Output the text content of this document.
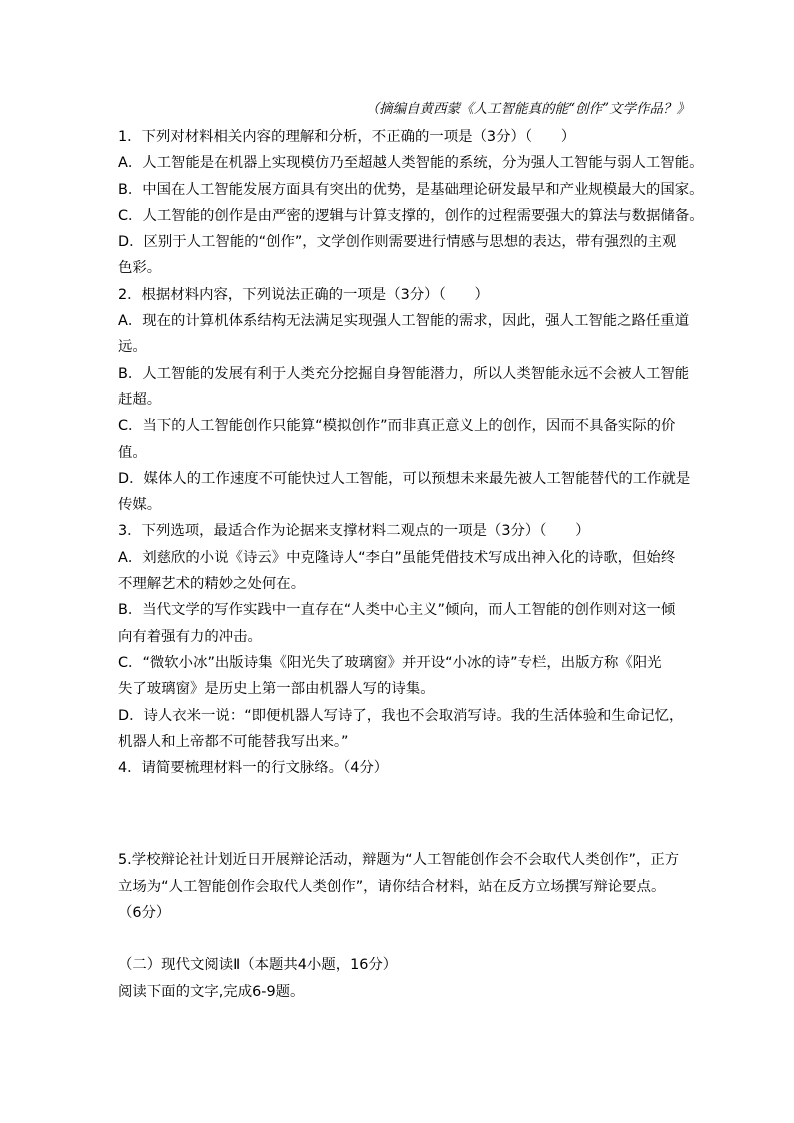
（摘编自黄西蒙《人工智能真的能“创作”文学作品？》

1．下列对材料相关内容的理解和分析，不正确的一项是（3分）（　　）

A．人工智能是在机器上实现模仿乃至超越人类智能的系统，分为强人工智能与弱人工智能。

B．中国在人工智能发展方面具有突出的优势，是基础理论研发最早和产业规模最大的国家。

C．人工智能的创作是由严密的逻辑与计算支撑的，创作的过程需要强大的算法与数据储备。

D．区别于人工智能的“创作”，文学创作则需要进行情感与思想的表达，带有强烈的主观

色彩。

2．根据材料内容，下列说法正确的一项是（3分）（　　）

A．现在的计算机体系结构无法满足实现强人工智能的需求，因此，强人工智能之路任重道

远。

B．人工智能的发展有利于人类充分挖掘自身智能潜力，所以人类智能永远不会被人工智能

赶超。

C．当下的人工智能创作只能算“模拟创作”而非真正意义上的创作，因而不具备实际的价

值。

D．媒体人的工作速度不可能快过人工智能，可以预想未来最先被人工智能替代的工作就是

传媒。

3．下列选项，最适合作为论据来支撑材料二观点的一项是（3分）（　　）

A．刘慈欣的小说《诗云》中克隆诗人“李白”虽能凭借技术写成出神入化的诗歌，但始终

不理解艺术的精妙之处何在。

B．当代文学的写作实践中一直存在“人类中心主义”倾向，而人工智能的创作则对这一倾

向有着强有力的冲击。

C．“微软小冰”出版诗集《阳光失了玻璃窗》并开设“小冰的诗”专栏，出版方称《阳光

失了玻璃窗》是历史上第一部由机器人写的诗集。

D．诗人衣米一说：“即便机器人写诗了，我也不会取消写诗。我的生活体验和生命记忆，

机器人和上帝都不可能替我写出来。”

4．请简要梳理材料一的行文脉络。（4分）

5.学校辩论社计划近日开展辩论活动，辩题为“人工智能创作会不会取代人类创作”，正方

立场为“人工智能创作会取代人类创作”，请你结合材料，站在反方立场撰写辩论要点。

（6分）

（二）现代文阅读Ⅱ（本题共4小题，16分）

阅读下面的文字,完成6-9题。
